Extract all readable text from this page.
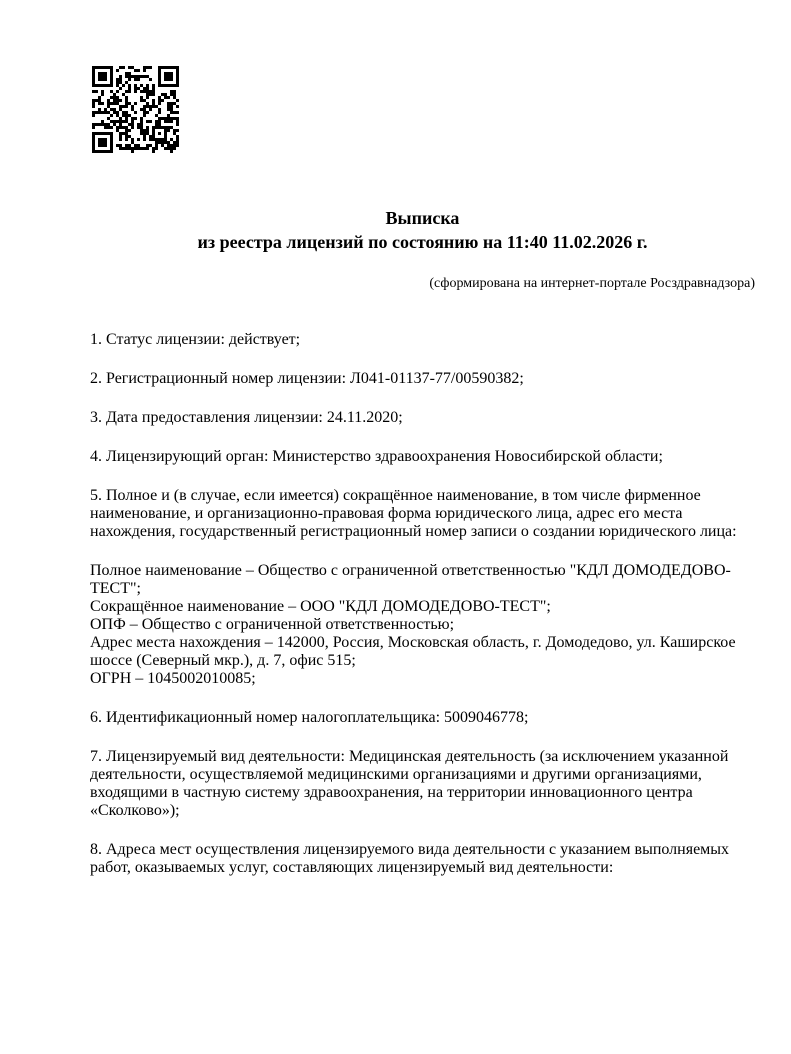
Выписка
из реестра лицензий по состоянию на 11:40 11.02.2026 г.
(сформирована на интернет-портале Росздравнадзора)

1. Статус лицензии: действует;

2. Регистрационный номер лицензии: Л041-01137-77/00590382;

3. Дата предоставления лицензии: 24.11.2020;

4. Лицензирующий орган: Министерство здравоохранения Новосибирской области;

5. Полное и (в случае, если имеется) сокращённое наименование, в том числе фирменное наименование, и организационно-правовая форма юридического лица, адрес его места нахождения, государственный регистрационный номер записи о создании юридического лица:

Полное наименование – Общество с ограниченной ответственностью "КДЛ ДОМОДЕДОВО-ТЕСТ";
Сокращённое наименование – ООО "КДЛ ДОМОДЕДОВО-ТЕСТ";
ОПФ – Общество с ограниченной ответственностью;
Адрес места нахождения – 142000, Россия, Московская область, г. Домодедово, ул. Каширское шоссе (Северный мкр.), д. 7, офис 515;
ОГРН – 1045002010085;

6. Идентификационный номер налогоплательщика: 5009046778;

7. Лицензируемый вид деятельности: Медицинская деятельность (за исключением указанной деятельности, осуществляемой медицинскими организациями и другими организациями, входящими в частную систему здравоохранения, на территории инновационного центра «Сколково»);

8. Адреса мест осуществления лицензируемого вида деятельности с указанием выполняемых работ, оказываемых услуг, составляющих лицензируемый вид деятельности:
